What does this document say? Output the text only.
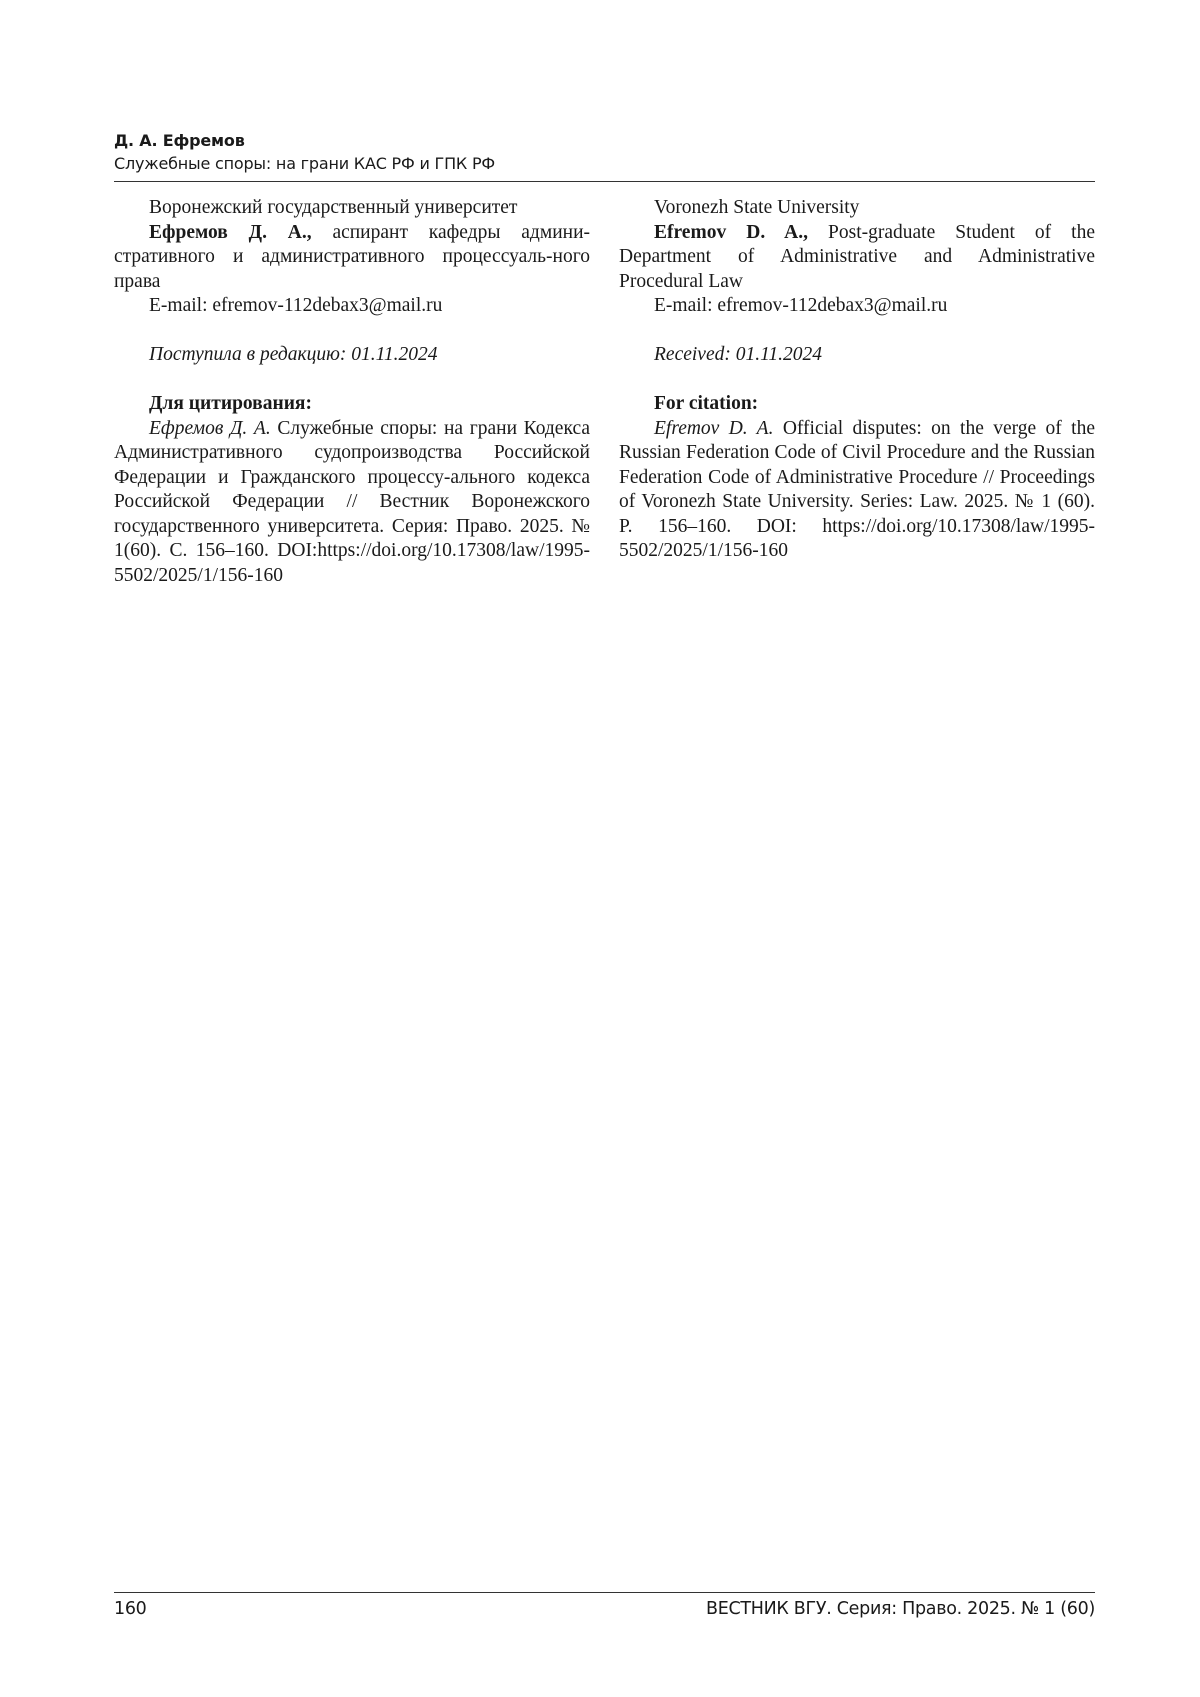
Д. А. Ефремов
Служебные споры: на грани КАС РФ и ГПК РФ

Воронежский государственный университет

Ефремов Д. А., аспирант кафедры админи-стративного и административного процессуаль-ного права

E-mail: efremov-112debax3@mail.ru

Поступила в редакцию: 01.11.2024

Для цитирования:

Ефремов Д. А. Служебные споры: на грани Кодекса Административного судопроизводства Российской Федерации и Гражданского процессу-ального кодекса Российской Федерации // Вестник Воронежского государственного университета. Серия: Право. 2025. № 1(60). С. 156–160. DOI:https://doi.org/10.17308/law/1995-5502/2025/1/156-160

Voronezh State University

Efremov D. A., Post-graduate Student of the Department of Administrative and Administrative Procedural Law

E-mail: efremov-112debax3@mail.ru

Received: 01.11.2024

For citation:

Efremov D. A. Official disputes: on the verge of the Russian Federation Code of Civil Procedure and the Russian Federation Code of Administrative Procedure // Proceedings of Voronezh State University. Series: Law. 2025. № 1 (60). P. 156–160. DOI: https://doi.org/10.17308/law/1995-5502/2025/1/156-160

160	ВЕСТНИК ВГУ. Серия: Право. 2025. № 1 (60)
